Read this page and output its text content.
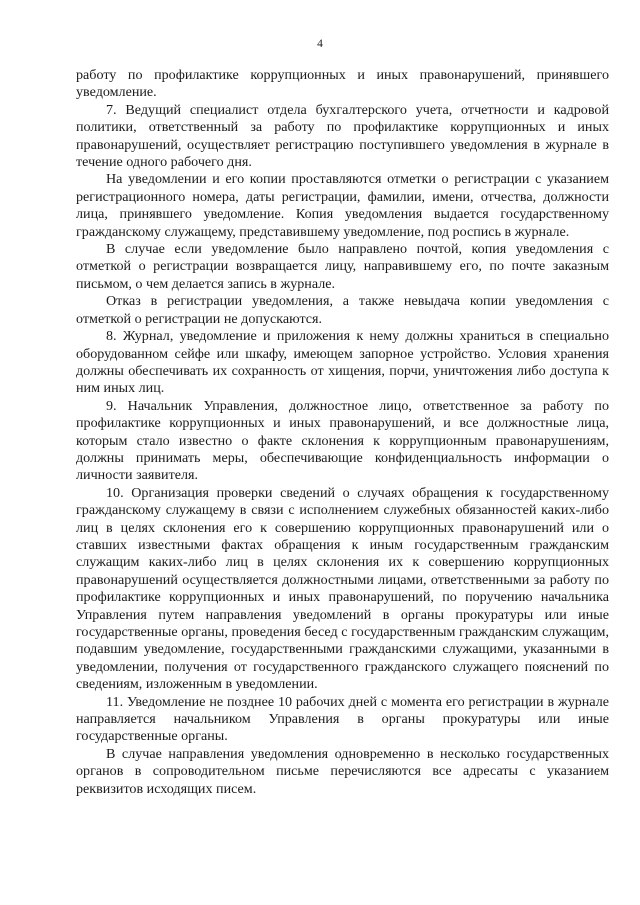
4

работу по профилактике коррупционных и иных правонарушений, принявшего уведомление.

7. Ведущий специалист отдела бухгалтерского учета, отчетности и кадровой политики, ответственный за работу по профилактике коррупционных и иных правонарушений, осуществляет регистрацию поступившего уведомления в журнале в течение одного рабочего дня.

На уведомлении и его копии проставляются отметки о регистрации с указанием регистрационного номера, даты регистрации, фамилии, имени, отчества, должности лица, принявшего уведомление. Копия уведомления выдается государственному гражданскому служащему, представившему уведомление, под роспись в журнале.

В случае если уведомление было направлено почтой, копия уведомления с отметкой о регистрации возвращается лицу, направившему его, по почте заказным письмом, о чем делается запись в журнале.

Отказ в регистрации уведомления, а также невыдача копии уведомления с отметкой о регистрации не допускаются.

8. Журнал, уведомление и приложения к нему должны храниться в специально оборудованном сейфе или шкафу, имеющем запорное устройство. Условия хранения должны обеспечивать их сохранность от хищения, порчи, уничтожения либо доступа к ним иных лиц.

9. Начальник Управления, должностное лицо, ответственное за работу по профилактике коррупционных и иных правонарушений, и все должностные лица, которым стало известно о факте склонения к коррупционным правонарушениям, должны принимать меры, обеспечивающие конфиденциальность информации о личности заявителя.

10. Организация проверки сведений о случаях обращения к государственному гражданскому служащему в связи с исполнением служебных обязанностей каких-либо лиц в целях склонения его к совершению коррупционных правонарушений или о ставших известными фактах обращения к иным государственным гражданским служащим каких-либо лиц в целях склонения их к совершению коррупционных правонарушений осуществляется должностными лицами, ответственными за работу по профилактике коррупционных и иных правонарушений, по поручению начальника Управления путем направления уведомлений в органы прокуратуры или иные государственные органы, проведения бесед с государственным гражданским служащим, подавшим уведомление, государственными гражданскими служащими, указанными в уведомлении, получения от государственного гражданского служащего пояснений по сведениям, изложенным в уведомлении.

11. Уведомление не позднее 10 рабочих дней с момента его регистрации в журнале направляется начальником Управления в органы прокуратуры или иные государственные органы.

В случае направления уведомления одновременно в несколько государственных органов в сопроводительном письме перечисляются все адресаты с указанием реквизитов исходящих писем.
